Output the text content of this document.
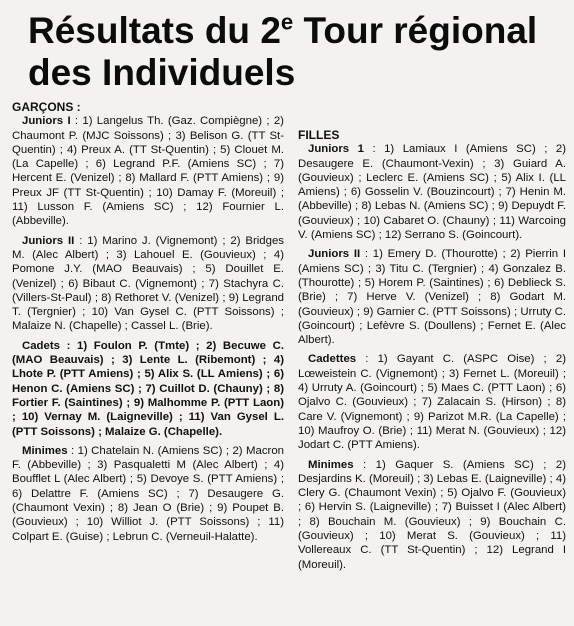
Résultats du 2e Tour régional
des Individuels

GARÇONS :

Juniors I : 1) Langelus Th. (Gaz. Compiègne) ; 2) Chaumont P. (MJC Soissons) ; 3) Belison G. (TT St-Quentin) ; 4) Preux A. (TT St-Quentin) ; 5) Clouet M. (La Capelle) ; 6) Legrand P.F. (Amiens SC) ; 7) Hercent E. (Venizel) ; 8) Mallard F. (PTT Amiens) ; 9) Preux JF (TT St-Quentin) ; 10) Damay F. (Moreuil) ; 11) Lusson F. (Amiens SC) ; 12) Fournier L. (Abbeville).

Juniors II : 1) Marino J. (Vignemont) ; 2) Bridges M. (Alec Albert) ; 3) Lahouel E. (Gouvieux) ; 4) Pomone J.Y. (MAO Beauvais) ; 5) Douillet E. (Venizel) ; 6) Bibaut C. (Vignemont) ; 7) Stachyra C. (Villers-St-Paul) ; 8) Rethoret V. (Venizel) ; 9) Legrand T. (Tergnier) ; 10) Van Gysel C. (PTT Soissons) ; Malaize N. (Chapelle) ; Cassel L. (Brie).

Cadets : 1) Foulon P. (Tmte) ; 2) Becuwe C. (MAO Beauvais) ; 3) Lente L. (Ribemont) ; 4) Lhote P. (PTT Amiens) ; 5) Alix S. (LL Amiens) ; 6) Henon C. (Amiens SC) ; 7) Cuillot D. (Chauny) ; 8) Fortier F. (Saintines) ; 9) Malhomme P. (PTT Laon) ; 10) Vernay M. (Laigneville) ; 11) Van Gysel L. (PTT Soissons) ; Malaize G. (Chapelle).

Minimes : 1) Chatelain N. (Amiens SC) ; 2) Macron F. (Abbeville) ; 3) Pasqualetti M (Alec Albert) ; 4) Boufflet L (Alec Albert) ; 5) Devoye S. (PTT Amiens) ; 6) Delattre F. (Amiens SC) ; 7) Desaugere G. (Chaumont Vexin) ; 8) Jean O (Brie) ; 9) Poupet B. (Gouvieux) ; 10) Williot J. (PTT Soissons) ; 11) Colpart E. (Guise) ; Lebrun C. (Verneuil-Halatte).

FILLES

Juniors 1 : 1) Lamiaux I (Amiens SC) ; 2) Desaugere E. (Chaumont-Vexin) ; 3) Guiard A. (Gouvieux) ; Leclerc E. (Amiens SC) ; 5) Alix I. (LL Amiens) ; 6) Gosselin V. (Bouzincourt) ; 7) Henin M. (Abbeville) ; 8) Lebas N. (Amiens SC) ; 9) Depuydt F. (Gouvieux) ; 10) Cabaret O. (Chauny) ; 11) Warcoing V. (Amiens SC) ; 12) Serrano S. (Goincourt).

Juniors II : 1) Emery D. (Thourotte) ; 2) Pierrin I (Amiens SC) ; 3) Titu C. (Tergnier) ; 4) Gonzalez B. (Thourotte) ; 5) Horem P. (Saintines) ; 6) Deblieck S. (Brie) ; 7) Herve V. (Venizel) ; 8) Godart M. (Gouvieux) ; 9) Garnier C. (PTT Soissons) ; Urruty C. (Goincourt) ; Lefèvre S. (Doullens) ; Fernet E. (Alec Albert).

Cadettes : 1) Gayant C. (ASPC Oise) ; 2) Lœweistein C. (Vignemont) ; 3) Fernet L. (Moreuil) ; 4) Urruty A. (Goincourt) ; 5) Maes C. (PTT Laon) ; 6) Ojalvo C. (Gouvieux) ; 7) Zalacain S. (Hirson) ; 8) Care V. (Vignemont) ; 9) Parizot M.R. (La Capelle) ; 10) Maufroy O. (Brie) ; 11) Merat N. (Gouvieux) ; 12) Jodart C. (PTT Amiens).

Minimes : 1) Gaquer S. (Amiens SC) ; 2) Desjardins K. (Moreuil) ; 3) Lebas E. (Laigneville) ; 4) Clery G. (Chaumont Vexin) ; 5) Ojalvo F. (Gouvieux) ; 6) Hervin S. (Laigneville) ; 7) Buisset I (Alec Albert) ; 8) Bouchain M. (Gouvieux) ; 9) Bouchain C. (Gouvieux) ; 10) Merat S. (Gouvieux) ; 11) Vollereaux C. (TT St-Quentin) ; 12) Legrand I (Moreuil).
